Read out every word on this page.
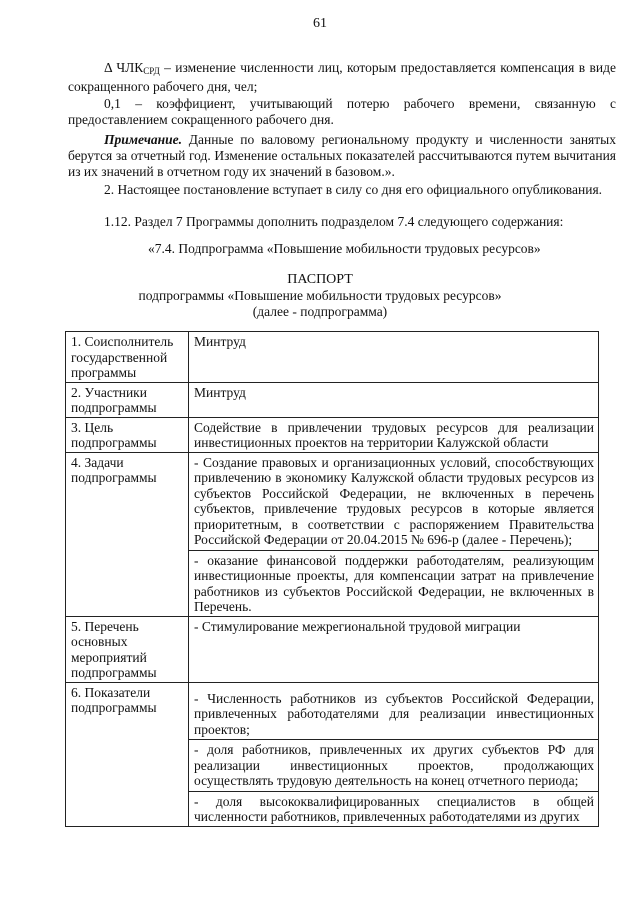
61
Δ $ЧЛК_{СРД}$ – изменение численности лиц, которым предоставляется компенсация в виде сокращенного рабочего дня, чел;
0,1 – коэффициент, учитывающий потерю рабочего времени, связанную с предоставлением сокращенного рабочего дня.
Примечание. Данные по валовому региональному продукту и численности занятых берутся за отчетный год. Изменение остальных показателей рассчитываются путем вычитания из их значений в отчетном году их значений в базовом.».
2. Настоящее постановление вступает в силу со дня его официального опубликования.
1.12. Раздел 7 Программы дополнить подразделом 7.4 следующего содержания:
«7.4. Подпрограмма «Повышение мобильности трудовых ресурсов»
ПАСПОРТ
подпрограммы «Повышение мобильности трудовых ресурсов»
(далее - подпрограмма)
1. Соисполнитель государственной программы	Минтруд
2. Участники подпрограммы	Минтруд
3. Цель подпрограммы	Содействие в привлечении трудовых ресурсов для реализации инвестиционных проектов на территории Калужской области
4. Задачи подпрограммы	- Создание правовых и организационных условий, способствующих привлечению в экономику Калужской области трудовых ресурсов из субъектов Российской Федерации, не включенных в перечень субъектов, привлечение трудовых ресурсов в которые является приоритетным, в соответствии с распоряжением Правительства Российской Федерации от 20.04.2015 № 696-р (далее - Перечень);
- оказание финансовой поддержки работодателям, реализующим инвестиционные проекты, для компенсации затрат на привлечение работников из субъектов Российской Федерации, не включенных в Перечень.

5. Перечень основных мероприятий подпрограммы	- Стимулирование межрегиональной трудовой миграции
6. Показатели подпрограммы	- Численность работников из субъектов Российской Федерации, привлеченных работодателями для реализации инвестиционных проектов;
- доля работников, привлеченных их других субъектов РФ для реализации инвестиционных проектов, продолжающих осуществлять трудовую деятельность на конец отчетного периода;
- доля высококвалифицированных специалистов в общей численности работников, привлеченных работодателями из других
